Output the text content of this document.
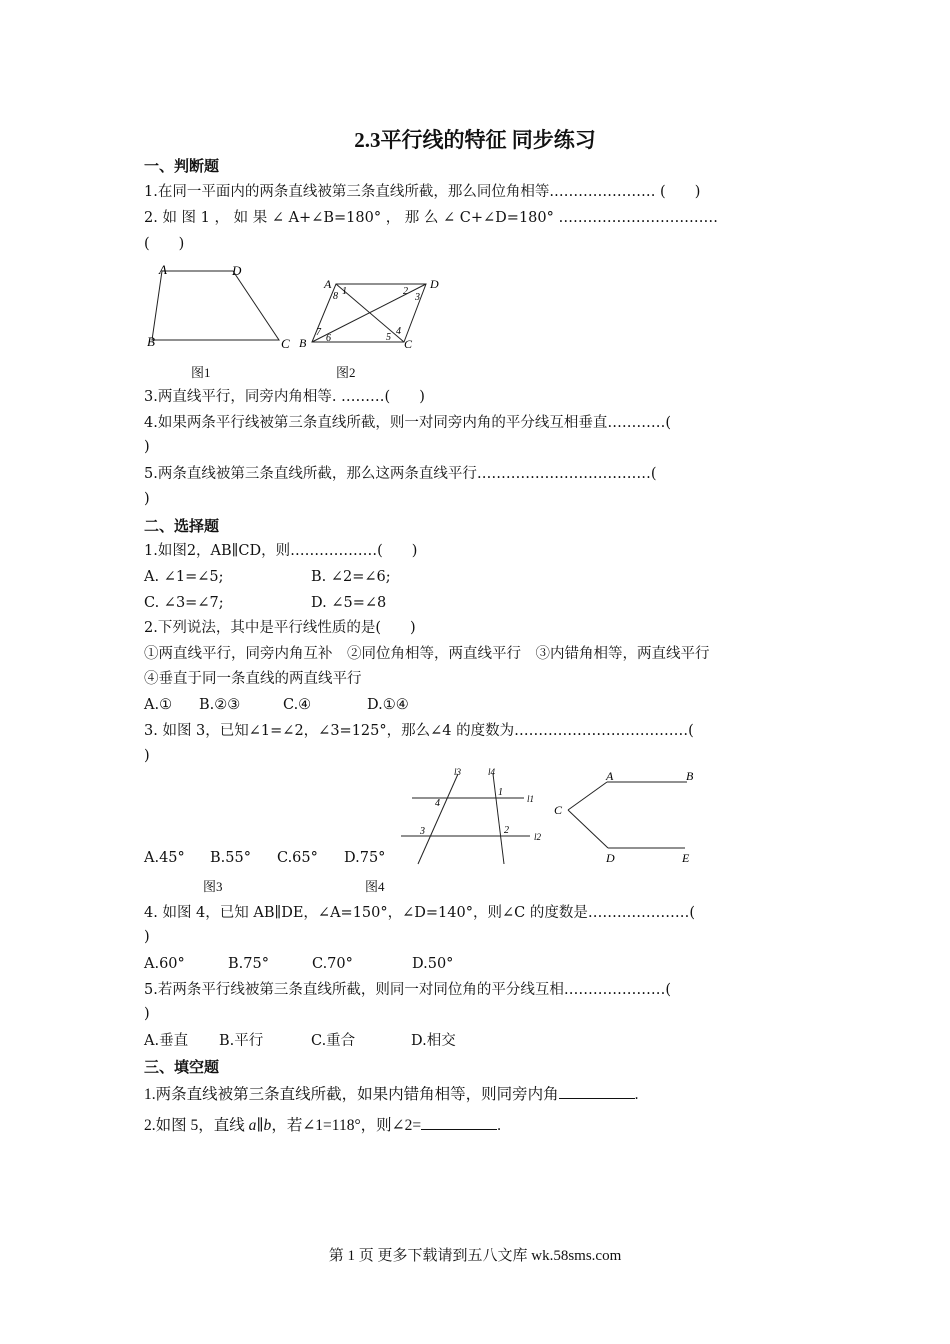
2.3平行线的特征 同步练习
一、判断题
1.在同一平面内的两条直线被第三条直线所截，那么同位角相等.………………… (　　)
2. 如 图 1 ， 如 果 ∠ A+∠B=180° ， 那 么 ∠ C+∠D=180° ……………………………
(　　)
A	D
B	C
图1
A	D
B	C
1	2
3
4
5
6
7
8
图2
3.两直线平行，同旁内角相等. ………(　　)
4.如果两条平行线被第三条直线所截，则一对同旁内角的平分线互相垂直…………(
)
5.两条直线被第三条直线所截，那么这两条直线平行………………………………(
)
二、选择题
1.如图2，AB∥CD，则………………(　　)
A. ∠1=∠5;	B. ∠2=∠6;
C. ∠3=∠7;	D. ∠5=∠8
2.下列说法，其中是平行线性质的是(　　)
①两直线平行，同旁内角互补　②同位角相等，两直线平行　③内错角相等，两直线平行
④垂直于同一条直线的两直线平行
A.① B.②③	C.④	D.①④
3. 如图 3，已知∠1=∠2，∠3=125°，那么∠4 的度数为………………………………(
)
l3	l4
l1
l2
1
2
3
4
A	B
C
D	E
A.45° B.55° C.65° D.75°
图3	图4
4. 如图 4，已知 AB∥DE，∠A=150°，∠D=140°，则∠C 的度数是…………………(
)
A.60°	B.75°	C.70°	D.50°
5.若两条平行线被第三条直线所截，则同一对同位角的平分线互相…………………(
)
A.垂直 B.平行	C.重合	D.相交
三、填空题
1.两条直线被第三条直线所截，如果内错角相等，则同旁内角	.
2.如图 5，直线 a∥b，若∠1=118°，则∠2=	.
第 1 页 更多下载请到五八文库 wk.58sms.com
